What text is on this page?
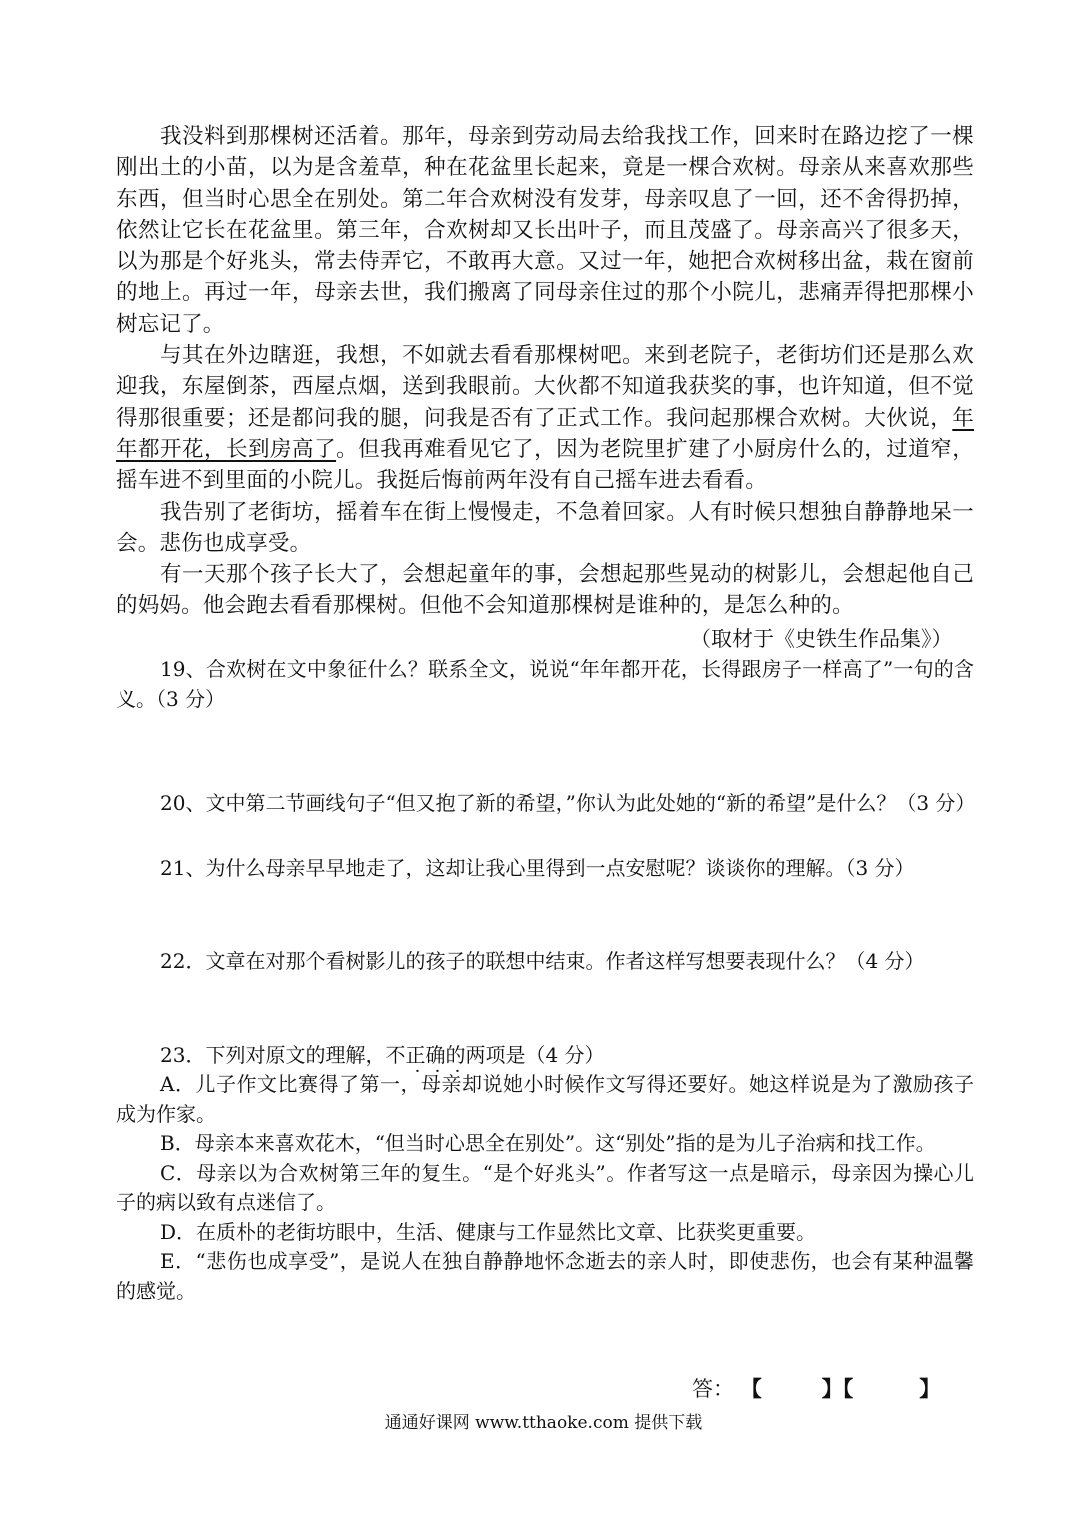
我没料到那棵树还活着。那年，母亲到劳动局去给我找工作，回来时在路边挖了一棵刚出土的小苗，以为是含羞草，种在花盆里长起来，竟是一棵合欢树。母亲从来喜欢那些东西，但当时心思全在别处。第二年合欢树没有发芽，母亲叹息了一回，还不舍得扔掉，依然让它长在花盆里。第三年，合欢树却又长出叶子，而且茂盛了。母亲高兴了很多天，以为那是个好兆头，常去侍弄它，不敢再大意。又过一年，她把合欢树移出盆，栽在窗前的地上。再过一年，母亲去世，我们搬离了同母亲住过的那个小院儿，悲痛弄得把那棵小树忘记了。

与其在外边瞎逛，我想，不如就去看看那棵树吧。来到老院子，老街坊们还是那么欢迎我，东屋倒茶，西屋点烟，送到我眼前。大伙都不知道我获奖的事，也许知道，但不觉得那很重要；还是都问我的腿，问我是否有了正式工作。我问起那棵合欢树。大伙说，年年都开花，长到房高了。但我再难看见它了，因为老院里扩建了小厨房什么的，过道窄，摇车进不到里面的小院儿。我挺后悔前两年没有自己摇车进去看看。

我告别了老街坊，摇着车在街上慢慢走，不急着回家。人有时候只想独自静静地呆一会。悲伤也成享受。

有一天那个孩子长大了，会想起童年的事，会想起那些晃动的树影儿，会想起他自己的妈妈。他会跑去看看那棵树。但他不会知道那棵树是谁种的，是怎么种的。

（取材于《史铁生作品集》）

19、合欢树在文中象征什么？联系全文，说说“年年都开花，长得跟房子一样高了”一句的含义。（3 分）

20、文中第二节画线句子“但又抱了新的希望，”你认为此处她的“新的希望”是什么？（3 分）

21、为什么母亲早早地走了，这却让我心里得到一点安慰呢？谈谈你的理解。（3 分）

22．文章在对那个看树影儿的孩子的联想中结束。作者这样写想要表现什么？（4 分）

23．下列对原文的理解，不正确的两项是（4 分）

A．儿子作文比赛得了第一，母亲却说她小时候作文写得还要好。她这样说是为了激励孩子成为作家。

B．母亲本来喜欢花木，“但当时心思全在别处”。这“别处”指的是为儿子治病和找工作。

C．母亲以为合欢树第三年的复生。“是个好兆头”。作者写这一点是暗示，母亲因为操心儿子的病以致有点迷信了。

D．在质朴的老街坊眼中，生活、健康与工作显然比文章、比获奖更重要。

E．“悲伤也成享受”，是说人在独自静静地怀念逝去的亲人时，即使悲伤，也会有某种温馨的感觉。

答： 【	】【	】
通通好课网 www.tthaoke.com 提供下载
